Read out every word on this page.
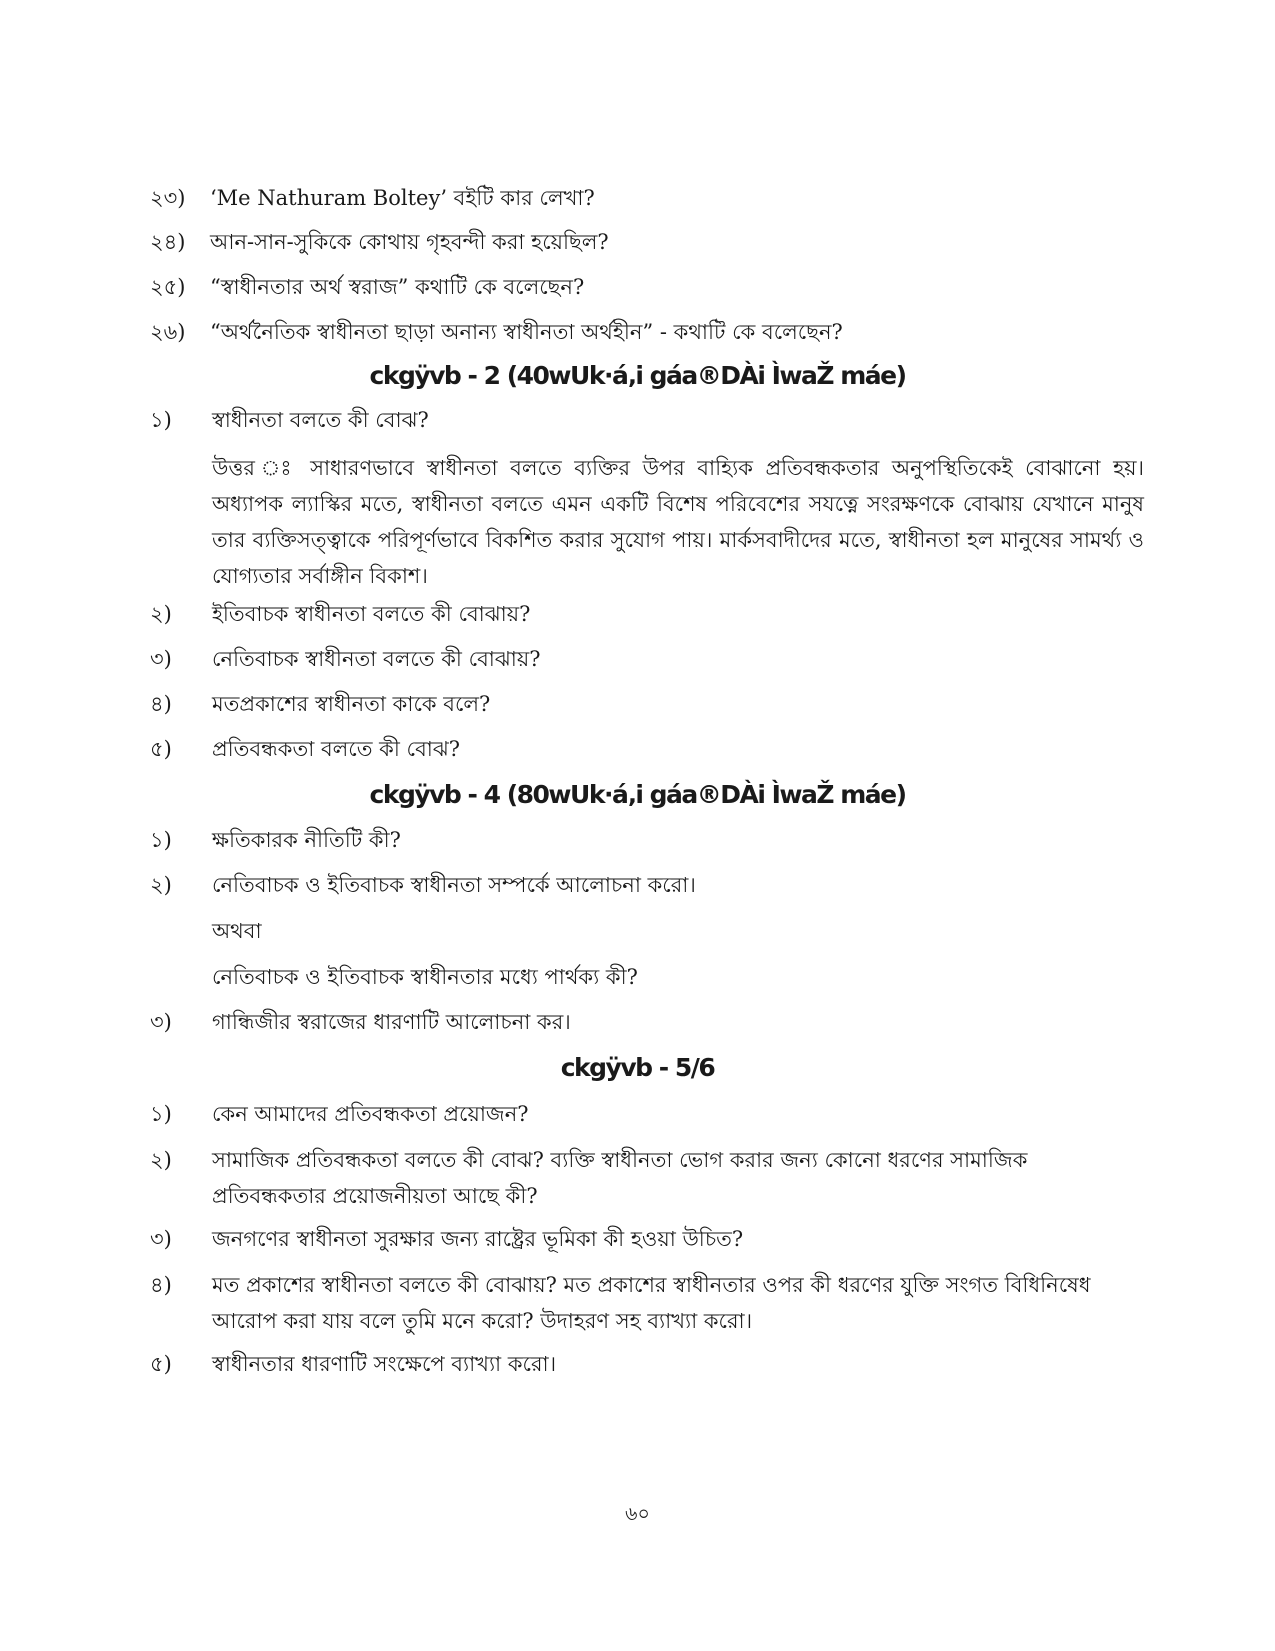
২৩)	‘Me Nathuram Boltey’ বইটি কার লেখা?
২৪)	আন-সান-সুকিকে কোথায় গৃহবন্দী করা হয়েছিল?
২৫)	“স্বাধীনতার অর্থ স্বরাজ” কথাটি কে বলেছেন?
২৬)	“অর্থনৈতিক স্বাধীনতা ছাড়া অনান্য স্বাধীনতা অর্থহীন” - কথাটি কে বলেছেন?
ckgÿvb - 2 (40wUk·á‚i gáa®DÀi ÌwaŽ máe)
১)	স্বাধীনতা বলতে কী বোঝ?
উত্তর ঃ সাধারণভাবে স্বাধীনতা বলতে ব্যক্তির উপর বাহ্যিক প্রতিবন্ধকতার অনুপস্থিতিকেই বোঝানো হয়। অধ্যাপক ল্যাস্কির মতে, স্বাধীনতা বলতে এমন একটি বিশেষ পরিবেশের সযত্নে সংরক্ষণকে বোঝায় যেখানে মানুষ তার ব্যক্তিসত্ত্বাকে পরিপূর্ণভাবে বিকশিত করার সুযোগ পায়। মার্কসবাদীদের মতে, স্বাধীনতা হল মানুষের সামর্থ্য ও যোগ্যতার সর্বাঙ্গীন বিকাশ।
২)	ইতিবাচক স্বাধীনতা বলতে কী বোঝায়?
৩)	নেতিবাচক স্বাধীনতা বলতে কী বোঝায়?
৪)	মতপ্রকাশের স্বাধীনতা কাকে বলে?
৫)	প্রতিবন্ধকতা বলতে কী বোঝ?
ckgÿvb - 4 (80wUk·á‚i gáa®DÀi ÌwaŽ máe)
১)	ক্ষতিকারক নীতিটি কী?
২)	নেতিবাচক ও ইতিবাচক স্বাধীনতা সম্পর্কে আলোচনা করো।
অথবা
নেতিবাচক ও ইতিবাচক স্বাধীনতার মধ্যে পার্থক্য কী?
৩)	গান্ধিজীর স্বরাজের ধারণাটি আলোচনা কর।
ckgÿvb - 5/6
১)	কেন আমাদের প্রতিবন্ধকতা প্রয়োজন?
২)	সামাজিক প্রতিবন্ধকতা বলতে কী বোঝ? ব্যক্তি স্বাধীনতা ভোগ করার জন্য কোনো ধরণের সামাজিক প্রতিবন্ধকতার প্রয়োজনীয়তা আছে কী?
৩)	জনগণের স্বাধীনতা সুরক্ষার জন্য রাষ্ট্রের ভূমিকা কী হওয়া উচিত?
৪)	মত প্রকাশের স্বাধীনতা বলতে কী বোঝায়? মত প্রকাশের স্বাধীনতার ওপর কী ধরণের যুক্তি সংগত বিধিনিষেধ আরোপ করা যায় বলে তুমি মনে করো? উদাহরণ সহ ব্যাখ্যা করো।
৫)	স্বাধীনতার ধারণাটি সংক্ষেপে ব্যাখ্যা করো।
৬০
